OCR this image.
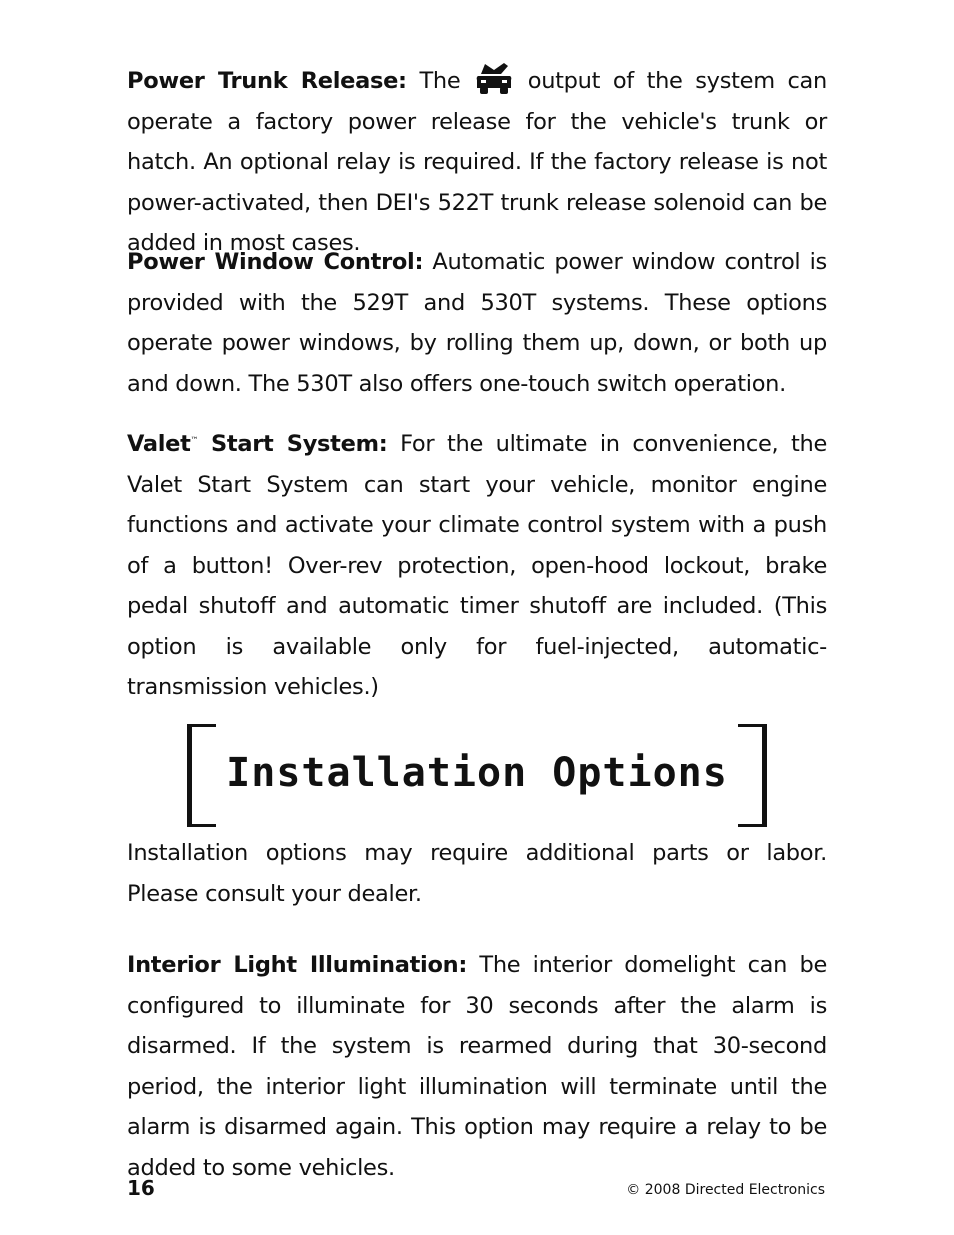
Power Trunk Release: The	output of the system can operate a factory power release for the vehicle's trunk or hatch. An optional relay is required. If the factory release is not power-activated, then DEI's 522T trunk release solenoid can be added in most cases.

Power Window Control: Automatic power window control is provided with the 529T and 530T systems. These options operate power windows, by rolling them up, down, or both up and down. The 530T also offers one-touch switch operation.

Valet™ Start System: For the ultimate in convenience, the Valet Start System can start your vehicle, monitor engine functions and activate your climate control system with a push of a button! Over-rev protection, open-hood lockout, brake pedal shutoff and automatic timer shutoff are included. (This option is available only for fuel-injected, automatic-transmission vehicles.)

Installation options may require additional parts or labor. Please consult your dealer.

Interior Light Illumination: The interior domelight can be configured to illuminate for 30 seconds after the alarm is disarmed. If the system is rearmed during that 30-second period, the interior light illumination will terminate until the alarm is disarmed again. This option may require a relay to be added to some vehicles.

Installation Options
16	© 2008 Directed Electronics
